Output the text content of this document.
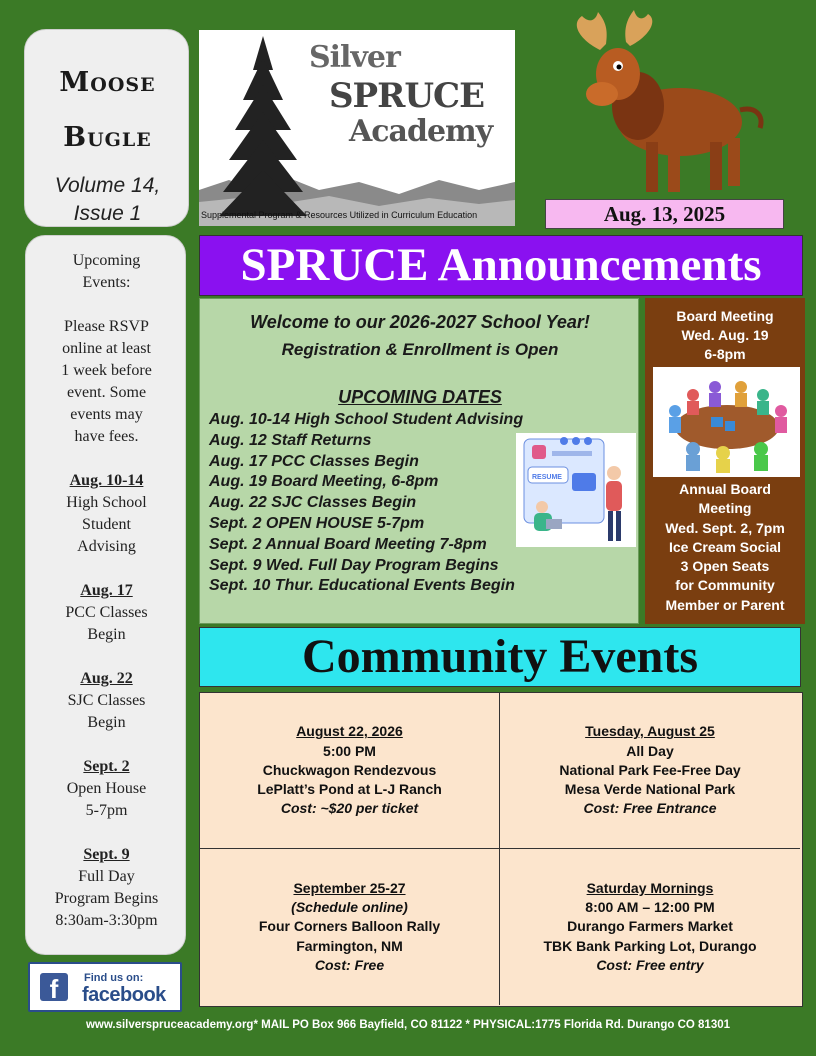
Moose
Bugle
Volume 14,
Issue 1
Upcoming
Events:
Please RSVP
online at least
1 week before
event. Some
events may
have fees.
Aug. 10-14
High School
Student
Advising
Aug. 17
PCC Classes
Begin
Aug. 22
SJC Classes
Begin
Sept. 2
Open House
5-7pm
Sept. 9
Full Day
Program Begins
8:30am-3:30pm
Silver
SPRUCE
Academy
Supplemental Program & Resources Utilized in Curriculum Education	Aug. 13, 2025
SPRUCE Announcements
Welcome to our 2026-2027 School Year!
Registration & Enrollment is Open
UPCOMING DATES
Aug. 10-14 High School Student Advising
Aug. 12 Staff Returns
Aug. 17 PCC Classes Begin
Aug. 19 Board Meeting, 6-8pm
Aug. 22 SJC Classes Begin
Sept. 2 OPEN HOUSE 5-7pm
Sept. 2 Annual Board Meeting 7-8pm
Sept. 9 Wed. Full Day Program Begins
Sept. 10 Thur. Educational Events Begin
RESUME
Board Meeting
Wed. Aug. 19
6-8pm
Annual Board
Meeting
Wed. Sept. 2, 7pm
Ice Cream Social
3 Open Seats
for Community
Member or Parent
Community Events
August 22, 2026
5:00 PM
Chuckwagon Rendezvous
LePlatt’s Pond at L-J Ranch
Cost: ~$20 per ticket
Tuesday, August 25
All Day
National Park Fee-Free Day
Mesa Verde National Park
Cost: Free Entrance
September 25-27
(Schedule online)
Four Corners Balloon Rally
Farmington, NM
Cost: Free
Saturday Mornings
8:00 AM – 12:00 PM
Durango Farmers Market
TBK Bank Parking Lot, Durango
Cost: Free entry
f	Find us on:
facebook
www.silverspruceacademy.org* MAIL PO Box 966 Bayfield, CO 81122 * PHYSICAL:1775 Florida Rd. Durango CO 81301
